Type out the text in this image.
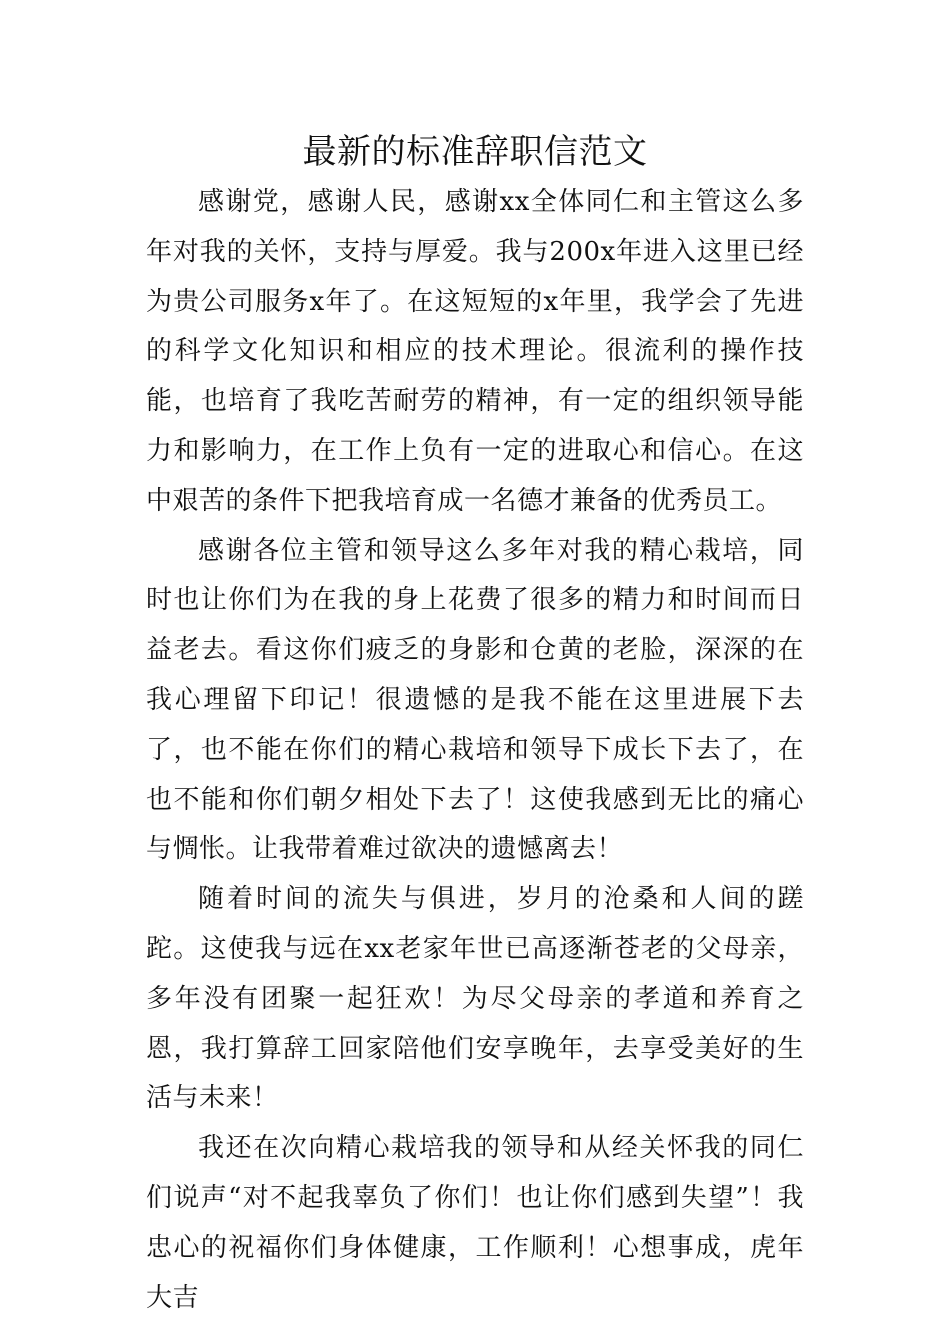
最新的标准辞职信范文

感谢党，感谢人民，感谢xx全体同仁和主管这么多年对我的关怀，支持与厚爱。我与200x年进入这里已经为贵公司服务x年了。在这短短的x年里，我学会了先进的科学文化知识和相应的技术理论。很流利的操作技能，也培育了我吃苦耐劳的精神，有一定的组织领导能力和影响力，在工作上负有一定的进取心和信心。在这中艰苦的条件下把我培育成一名德才兼备的优秀员工。

感谢各位主管和领导这么多年对我的精心栽培，同时也让你们为在我的身上花费了很多的精力和时间而日益老去。看这你们疲乏的身影和仓黄的老脸，深深的在我心理留下印记！很遗憾的是我不能在这里进展下去了，也不能在你们的精心栽培和领导下成长下去了，在也不能和你们朝夕相处下去了！这使我感到无比的痛心与惆怅。让我带着难过欲决的遗憾离去！

随着时间的流失与俱进，岁月的沧桑和人间的蹉跎。这使我与远在xx老家年世已高逐渐苍老的父母亲，多年没有团聚一起狂欢！为尽父母亲的孝道和养育之恩，我打算辞工回家陪他们安享晚年，去享受美好的生活与未来！

我还在次向精心栽培我的领导和从经关怀我的同仁们说声“对不起我辜负了你们！也让你们感到失望”！我忠心的祝福你们身体健康，工作顺利！心想事成，虎年大吉
